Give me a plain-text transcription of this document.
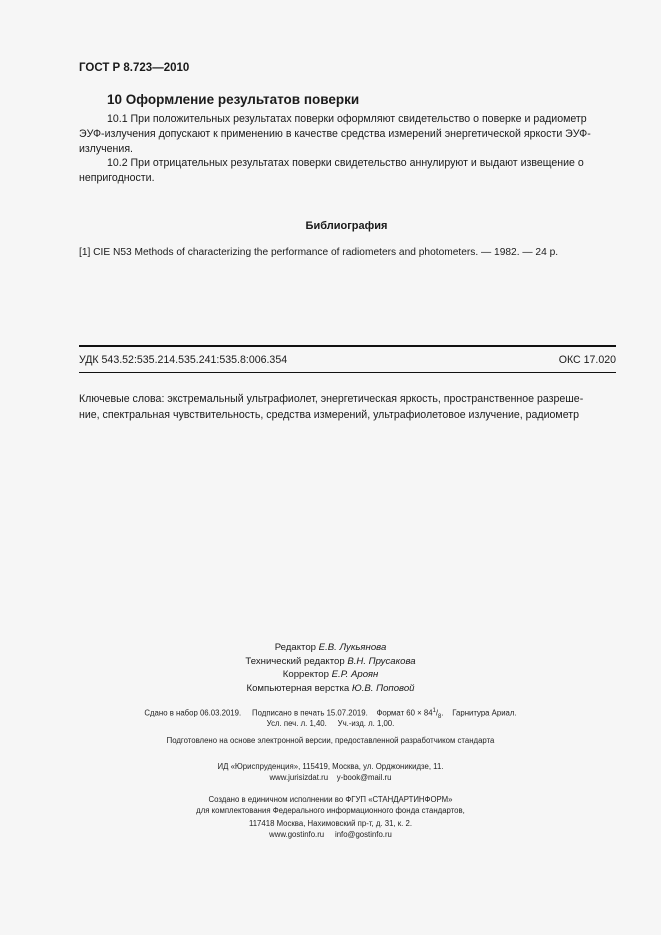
ГОСТ Р 8.723—2010
10 Оформление результатов поверки

10.1 При положительных результатах поверки оформляют свидетельство о поверке и радиометр

ЭУФ-излучения допускают к применению в качестве средства измерений энергетической яркости ЭУФ-
излучения.

10.2 При отрицательных результатах поверки свидетельство аннулируют и выдают извещение о

непригодности.
Библиография
[1] CIE N53 Methods of characterizing the performance of radiometers and photometers. — 1982. — 24 p.
УДК 543.52:535.214.535.241:535.8:006.354	ОКС 17.020
Ключевые слова: экстремальный ультрафиолет, энергетическая яркость, пространственное разреше-
ние, спектральная чувствительность, средства измерений, ультрафиолетовое излучение, радиометр
Редактор Е.В. Лукьянова
Технический редактор В.Н. Прусакова
Корректор Е.Р. Ароян
Компьютерная верстка Ю.В. Поповой
Сдано в набор 06.03.2019. Подписано в печать 15.07.2019. Формат $60 \times 84^1/_8$. Гарнитура Ариал.
Усл. печ. л. 1,40. Уч.-изд. л. 1,00.
Подготовлено на основе электронной версии, предоставленной разработчиком стандарта
ИД «Юриспруденция», 115419, Москва, ул. Орджоникидзе, 11.
www.jurisizdat.ru y-book@mail.ru
Создано в единичном исполнении во ФГУП «СТАНДАРТИНФОРМ»
для комплектования Федерального информационного фонда стандартов,
117418 Москва, Нахимовский пр-т, д. 31, к. 2.
www.gostinfo.ru info@gostinfo.ru
